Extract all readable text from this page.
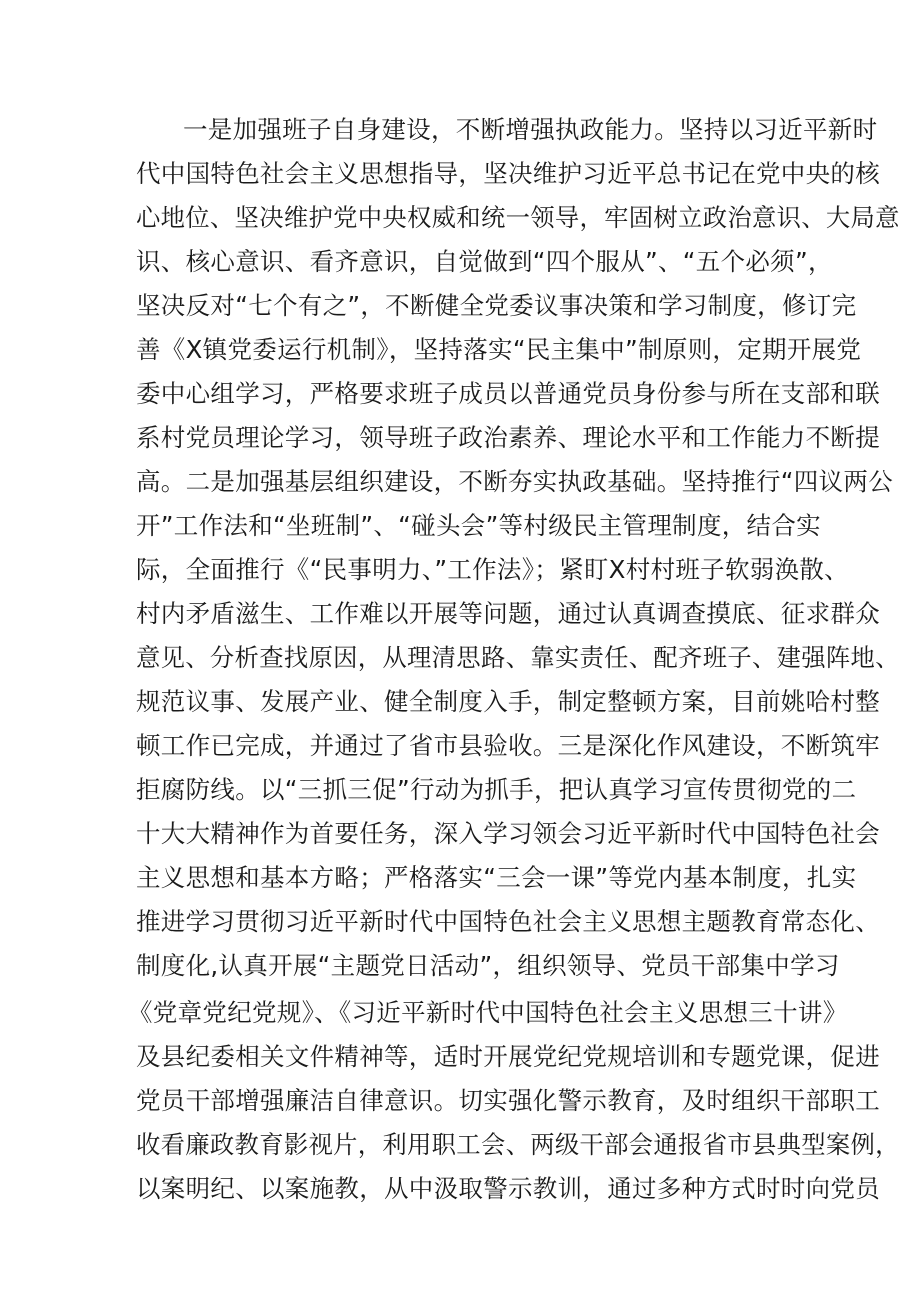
一是加强班子自身建设，不断增强执政能力。坚持以习近平新时
代中国特色社会主义思想指导，坚决维护习近平总书记在党中央的核
心地位、坚决维护党中央权威和统一领导，牢固树立政治意识、大局意
识、核心意识、看齐意识，自觉做到“四个服从”、“五个必须”，
坚决反对“七个有之”，不断健全党委议事决策和学习制度，修订完
善《X镇党委运行机制》，坚持落实“民主集中”制原则，定期开展党
委中心组学习，严格要求班子成员以普通党员身份参与所在支部和联
系村党员理论学习，领导班子政治素养、理论水平和工作能力不断提
高。二是加强基层组织建设，不断夯实执政基础。坚持推行“四议两公
开”工作法和“坐班制”、“碰头会”等村级民主管理制度，结合实
际，全面推行《“民事明力、”工作法》；紧盯X村村班子软弱涣散、
村内矛盾滋生、工作难以开展等问题，通过认真调查摸底、征求群众
意见、分析查找原因，从理清思路、靠实责任、配齐班子、建强阵地、
规范议事、发展产业、健全制度入手，制定整顿方案，目前姚哈村整
顿工作已完成，并通过了省市县验收。三是深化作风建设，不断筑牢
拒腐防线。以“三抓三促”行动为抓手，把认真学习宣传贯彻党的二
十大大精神作为首要任务，深入学习领会习近平新时代中国特色社会
主义思想和基本方略；严格落实“三会一课”等党内基本制度，扎实
推进学习贯彻习近平新时代中国特色社会主义思想主题教育常态化、
制度化,认真开展“主题党日活动”，组织领导、党员干部集中学习
《党章党纪党规》、《习近平新时代中国特色社会主义思想三十讲》
及县纪委相关文件精神等，适时开展党纪党规培训和专题党课，促进
党员干部增强廉洁自律意识。切实强化警示教育，及时组织干部职工
收看廉政教育影视片，利用职工会、两级干部会通报省市县典型案例，
以案明纪、以案施教，从中汲取警示教训，通过多种方式时时向党员
